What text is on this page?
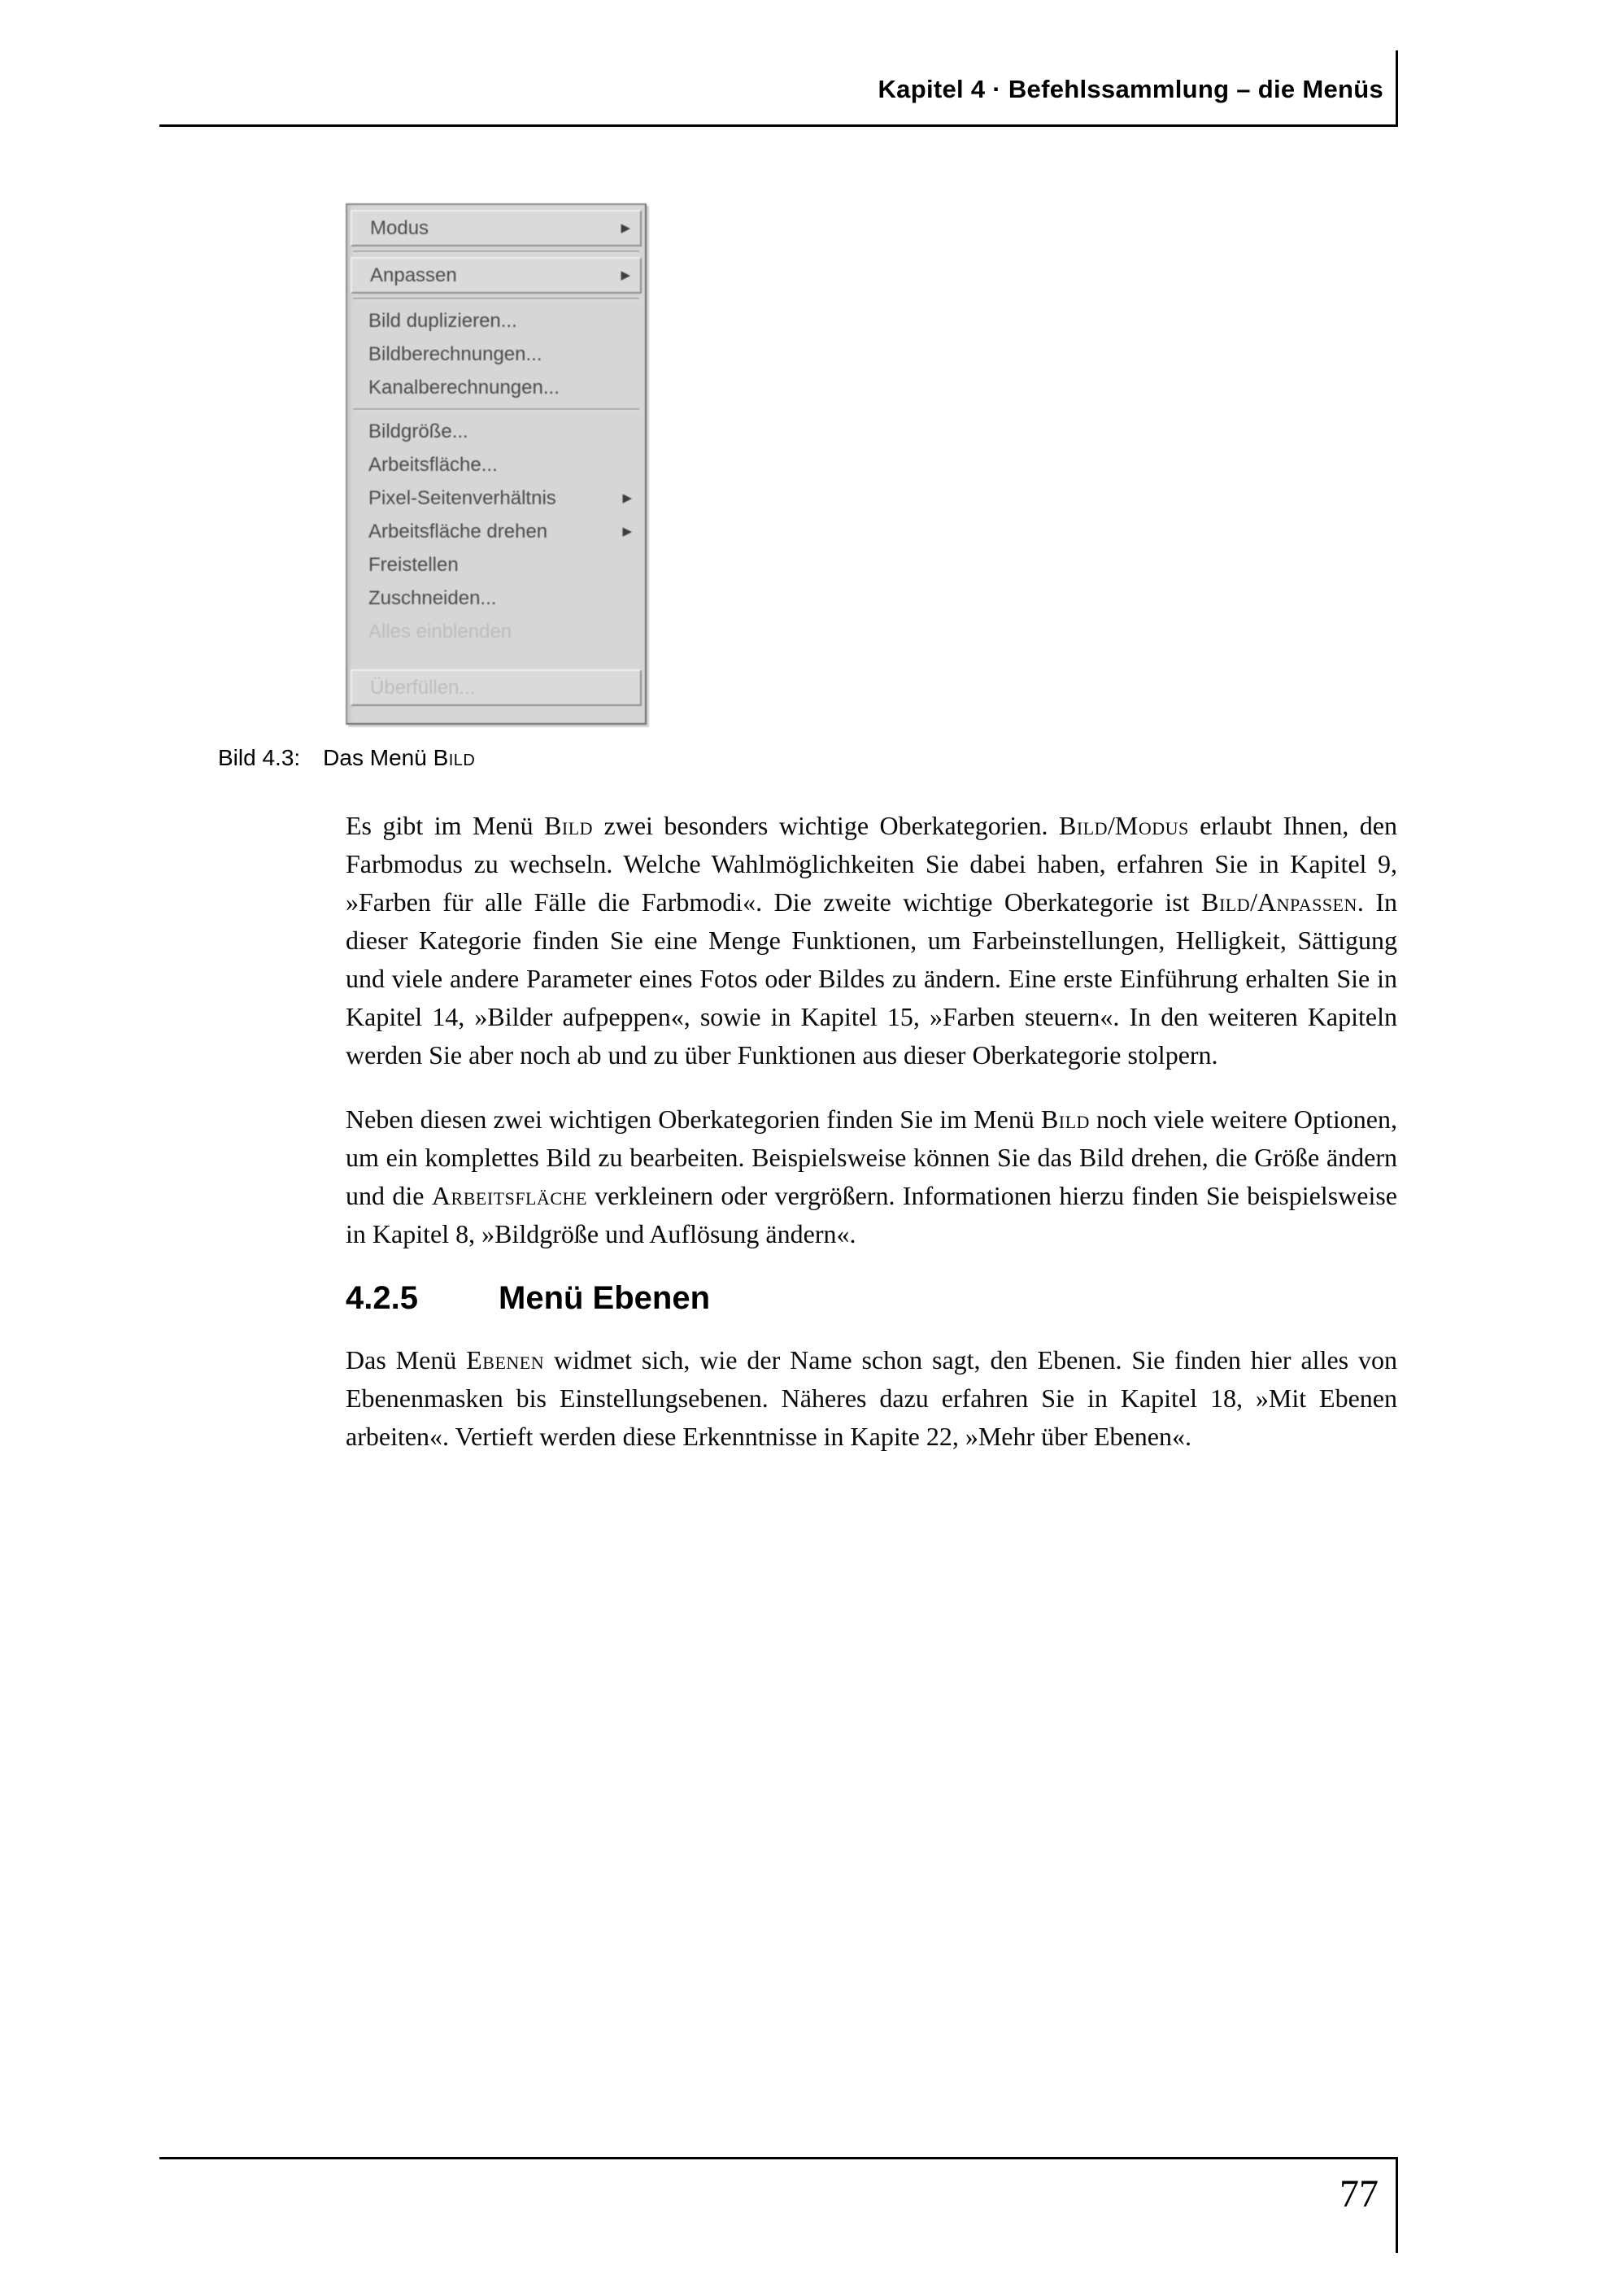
Kapitel 4 · Befehlssammlung – die Menüs
Modus	▶
Anpassen	▶
Bild duplizieren...
Bildberechnungen...
Kanalberechnungen...
Bildgröße...
Arbeitsfläche...
Pixel-Seitenverhältnis	▶
Arbeitsfläche drehen	▶
Freistellen
Zuschneiden...
Alles einblenden
Überfüllen...
Bild 4.3: Das Menü Bild

Es gibt im Menü Bild zwei besonders wichtige Oberkategorien. Bild/Modus erlaubt Ihnen, den Farbmodus zu wechseln. Welche Wahlmöglichkeiten Sie dabei haben, erfahren Sie in Kapitel 9, »Farben für alle Fälle die Farbmodi«. Die zweite wichtige Oberkategorie ist Bild/Anpassen. In dieser Kategorie finden Sie eine Menge Funktionen, um Farbeinstellungen, Helligkeit, Sättigung und viele andere Parameter eines Fotos oder Bildes zu ändern. Eine erste Einführung erhalten Sie in Kapitel 14, »Bilder aufpeppen«, sowie in Kapitel 15, »Farben steuern«. In den weiteren Kapiteln werden Sie aber noch ab und zu über Funktionen aus dieser Oberkategorie stolpern.

Neben diesen zwei wichtigen Oberkategorien finden Sie im Menü Bild noch viele weitere Optionen, um ein komplettes Bild zu bearbeiten. Beispielsweise können Sie das Bild drehen, die Größe ändern und die Arbeitsfläche verkleinern oder vergrößern. Informationen hierzu finden Sie beispielsweise in Kapitel 8, »Bildgröße und Auflösung ändern«.

4.2.5 Menü Ebenen

Das Menü Ebenen widmet sich, wie der Name schon sagt, den Ebenen. Sie finden hier alles von Ebenenmasken bis Einstellungsebenen. Näheres dazu erfahren Sie in Kapitel 18, »Mit Ebenen arbeiten«. Vertieft werden diese Erkenntnisse in Kapite 22, »Mehr über Ebenen«.

77
